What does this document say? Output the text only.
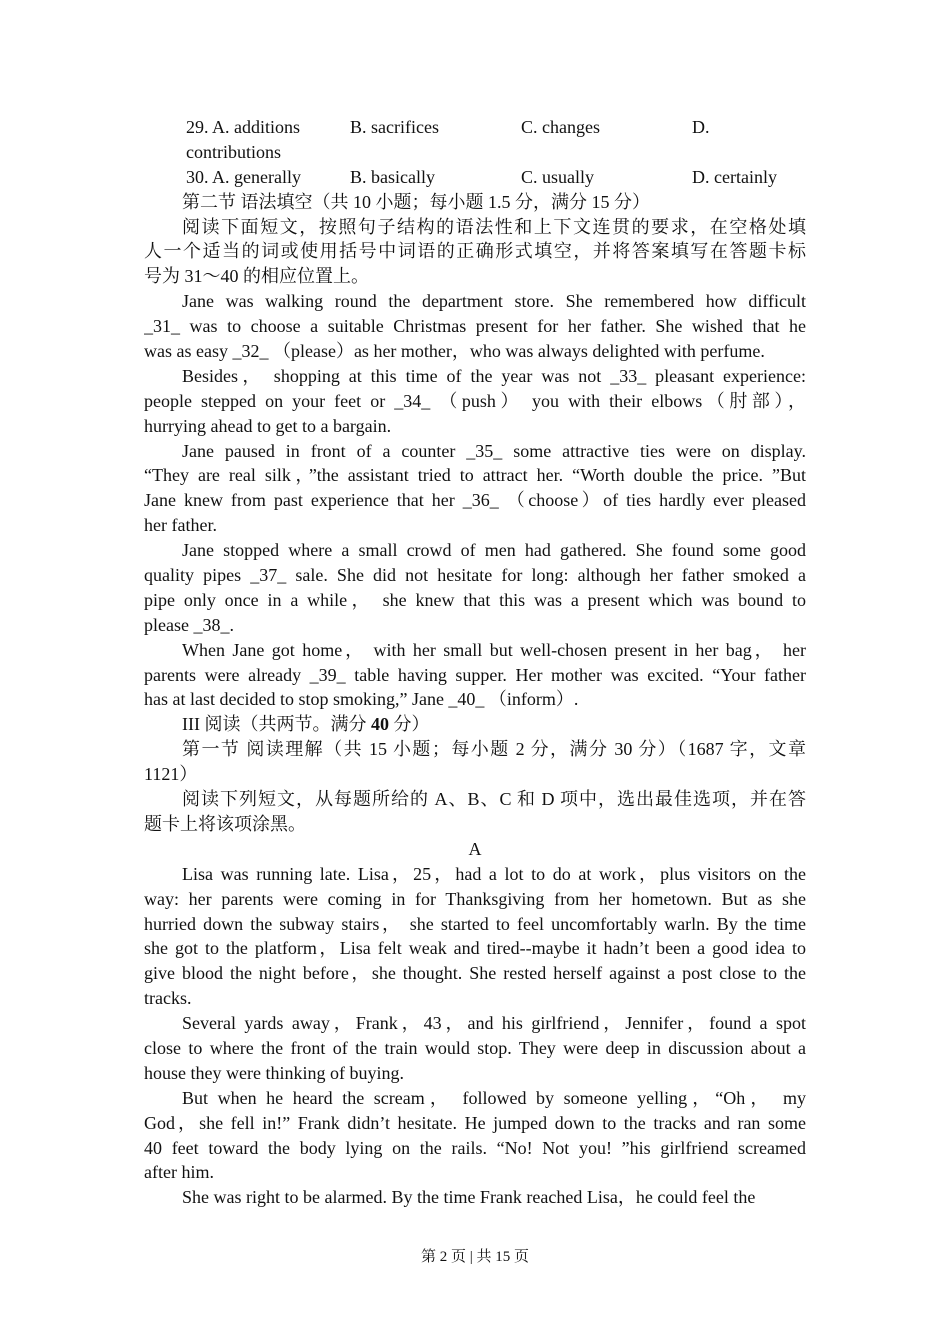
29. A. additions	B. sacrifices	C. changes	D.
contributions
30. A. generally	B. basically	C. usually	D. certainly
第二节 语法填空（共 10 小题；每小题 1.5 分，满分 15 分）
阅读下面短文，按照句子结构的语法性和上下文连贯的要求，在空格处填
人一个适当的词或使用括号中词语的正确形式填空，并将答案填写在答题卡标
号为 31～40 的相应位置上。
Jane was walking round the department store. She remembered how difficult
_31_ was to choose a suitable Christmas present for her father. She wished that he
was as easy _32_ （please）as her mother，who was always delighted with perfume.
Besides， shopping at this time of the year was not _33_ pleasant experience:
people stepped on your feet or _34_ （push） you with their elbows（肘部），
hurrying ahead to get to a bargain.
Jane paused in front of a counter _35_ some attractive ties were on display.
“They are real silk，”the assistant tried to attract her. “Worth double the price. ”But
Jane knew from past experience that her _36_ （choose）of ties hardly ever pleased
her father.
Jane stopped where a small crowd of men had gathered. She found some good
quality pipes _37_ sale. She did not hesitate for long: although her father smoked a
pipe only once in a while， she knew that this was a present which was bound to
please _38_.
When Jane got home， with her small but well-chosen present in her bag， her
parents were already _39_ table having supper. Her mother was excited. “Your father
has at last decided to stop smoking,” Jane _40_ （inform）.
III 阅读（共两节。满分 40 分）
第一节 阅读理解（共 15 小题；每小题 2 分，满分 30 分）（1687 字，文章
1121）
阅读下列短文，从每题所给的 A、B、C 和 D 项中，选出最佳选项，并在答
题卡上将该项涂黑。
A
Lisa was running late. Lisa，25，had a lot to do at work，plus visitors on the
way: her parents were coming in for Thanksgiving from her hometown. But as she
hurried down the subway stairs， she started to feel uncomfortably warln. By the time
she got to the platform，Lisa felt weak and tired--maybe it hadn’t been a good idea to
give blood the night before，she thought. She rested herself against a post close to the
tracks.
Several yards away，Frank，43，and his girlfriend，Jennifer，found a spot
close to where the front of the train would stop. They were deep in discussion about a
house they were thinking of buying.
But when he heard the scream， followed by someone yelling，“Oh， my
God，she fell in!” Frank didn’t hesitate. He jumped down to the tracks and ran some
40 feet toward the body lying on the rails. “No! Not you! ”his girlfriend screamed
after him.
She was right to be alarmed. By the time Frank reached Lisa，he could feel the
第 2 页 | 共 15 页
